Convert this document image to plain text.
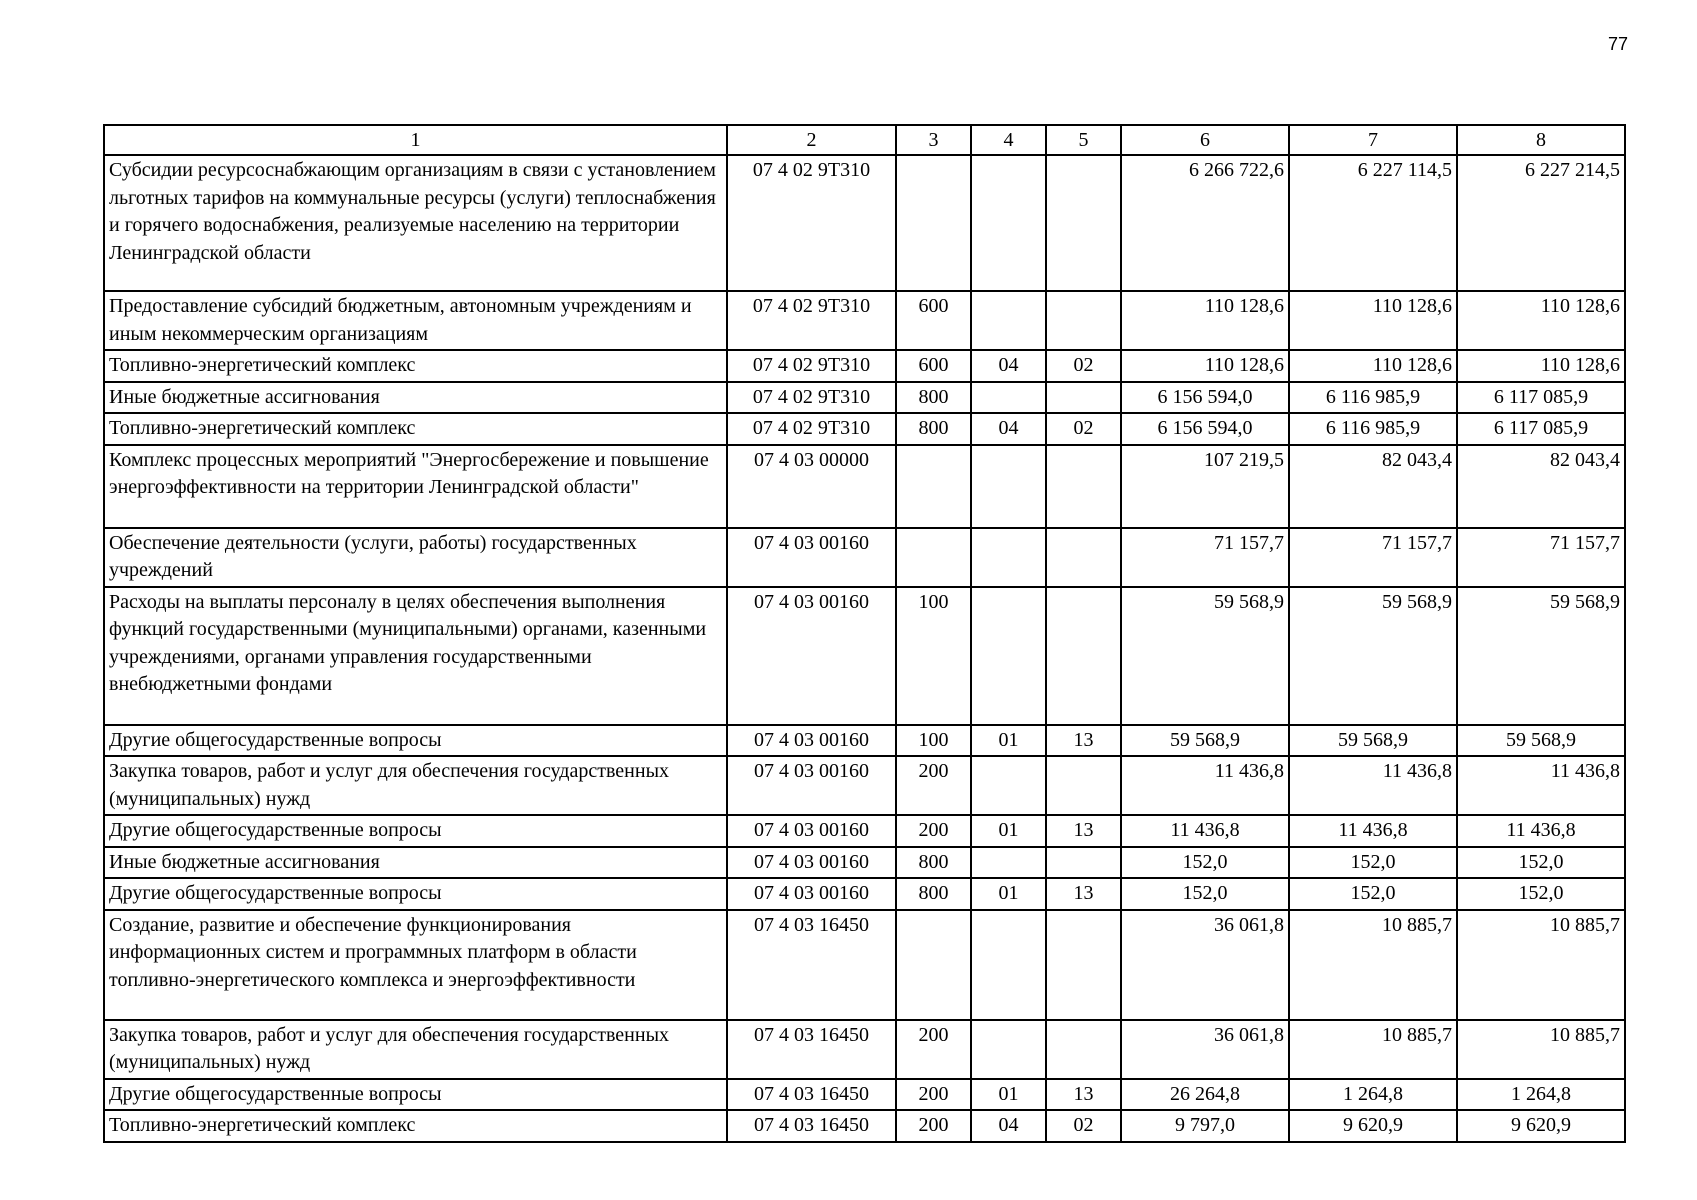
77
1	2	3	4	5	6	7	8
Субсидии ресурсоснабжающим организациям в связи с установлением льготных тарифов на коммунальные ресурсы (услуги) теплоснабжения и горячего водоснабжения, реализуемые населению на территории Ленинградской области	07 4 02 9Т310				6 266 722,6	6 227 114,5	6 227 214,5
Предоставление субсидий бюджетным, автономным учреждениям и иным некоммерческим организациям	07 4 02 9Т310	600			110 128,6	110 128,6	110 128,6
Топливно-энергетический комплекс	07 4 02 9Т310	600	04	02	110 128,6	110 128,6	110 128,6
Иные бюджетные ассигнования	07 4 02 9Т310	800			6 156 594,0	6 116 985,9	6 117 085,9
Топливно-энергетический комплекс	07 4 02 9Т310	800	04	02	6 156 594,0	6 116 985,9	6 117 085,9
Комплекс процессных мероприятий "Энергосбережение и повышение энергоэффективности на территории Ленинградской области"	07 4 03 00000				107 219,5	82 043,4	82 043,4
Обеспечение деятельности (услуги, работы) государственных учреждений	07 4 03 00160				71 157,7	71 157,7	71 157,7
Расходы на выплаты персоналу в целях обеспечения выполнения функций государственными (муниципальными) органами, казенными учреждениями, органами управления государственными внебюджетными фондами	07 4 03 00160	100			59 568,9	59 568,9	59 568,9
Другие общегосударственные вопросы	07 4 03 00160	100	01	13	59 568,9	59 568,9	59 568,9
Закупка товаров, работ и услуг для обеспечения государственных (муниципальных) нужд	07 4 03 00160	200			11 436,8	11 436,8	11 436,8
Другие общегосударственные вопросы	07 4 03 00160	200	01	13	11 436,8	11 436,8	11 436,8
Иные бюджетные ассигнования	07 4 03 00160	800			152,0	152,0	152,0
Другие общегосударственные вопросы	07 4 03 00160	800	01	13	152,0	152,0	152,0
Создание, развитие и обеспечение функционирования информационных систем и программных платформ в области топливно-энергетического комплекса и энергоэффективности	07 4 03 16450				36 061,8	10 885,7	10 885,7
Закупка товаров, работ и услуг для обеспечения государственных (муниципальных) нужд	07 4 03 16450	200			36 061,8	10 885,7	10 885,7
Другие общегосударственные вопросы	07 4 03 16450	200	01	13	26 264,8	1 264,8	1 264,8
Топливно-энергетический комплекс	07 4 03 16450	200	04	02	9 797,0	9 620,9	9 620,9
